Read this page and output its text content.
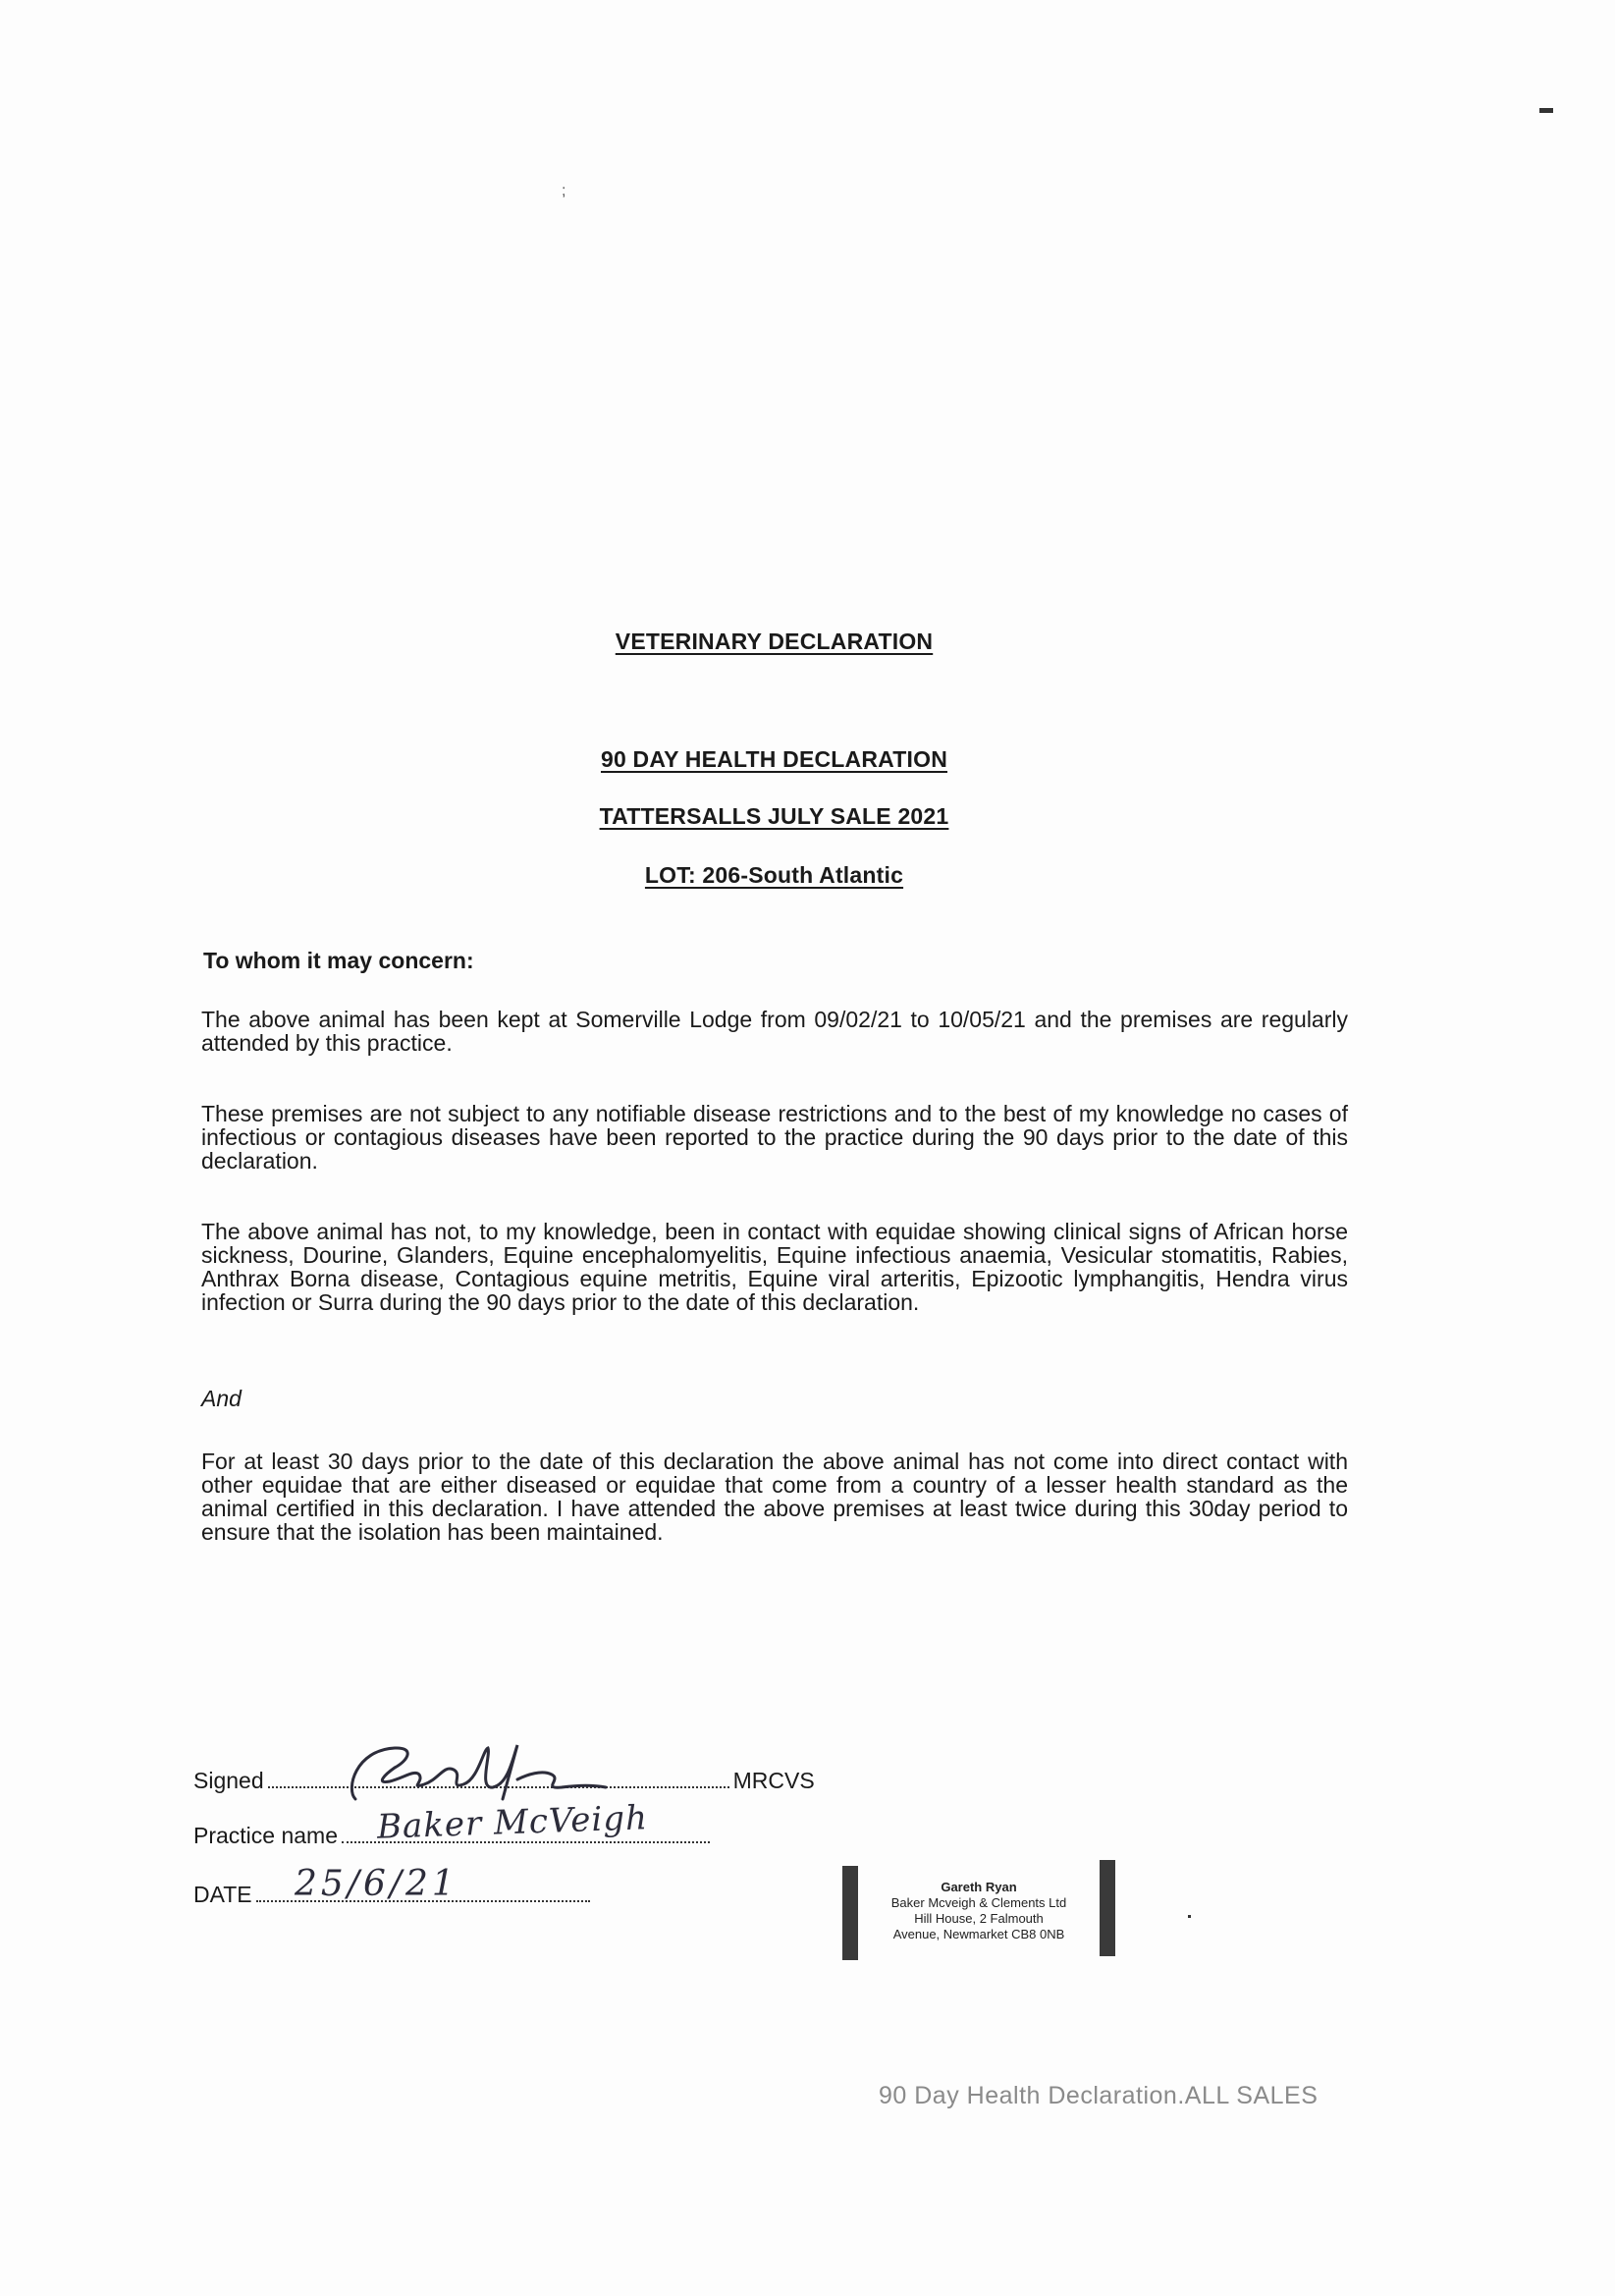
;
VETERINARY DECLARATION
90 DAY HEALTH DECLARATION
TATTERSALLS JULY SALE 2021
LOT: 206-South Atlantic
To whom it may concern:
The above animal has been kept at Somerville Lodge from 09/02/21 to 10/05/21 and the premises are regularly attended by this practice.
These premises are not subject to any notifiable disease restrictions and to the best of my knowledge no cases of infectious or contagious diseases have been reported to the practice during the 90 days prior to the date of this declaration.
The above animal has not, to my knowledge, been in contact with equidae showing clinical signs of African horse sickness, Dourine, Glanders, Equine encephalomyelitis, Equine infectious anaemia, Vesicular stomatitis, Rabies, Anthrax Borna disease, Contagious equine metritis, Equine viral arteritis, Epizootic lymphangitis, Hendra virus infection or Surra during the 90 days prior to the date of this declaration.
And
For at least 30 days prior to the date of this declaration the above animal has not come into direct contact with other equidae that are either diseased or equidae that come from a country of a lesser health standard as the animal certified in this declaration. I have attended the above premises at least twice during this 30day period to ensure that the isolation has been maintained.
Signed	MRCVS
Practice name
DATE
Baker McVeigh
25/6/21	Gareth Ryan
Baker Mcveigh & Clements Ltd
Hill House, 2 Falmouth
Avenue, Newmarket CB8 0NB
90 Day Health Declaration.ALL SALES
